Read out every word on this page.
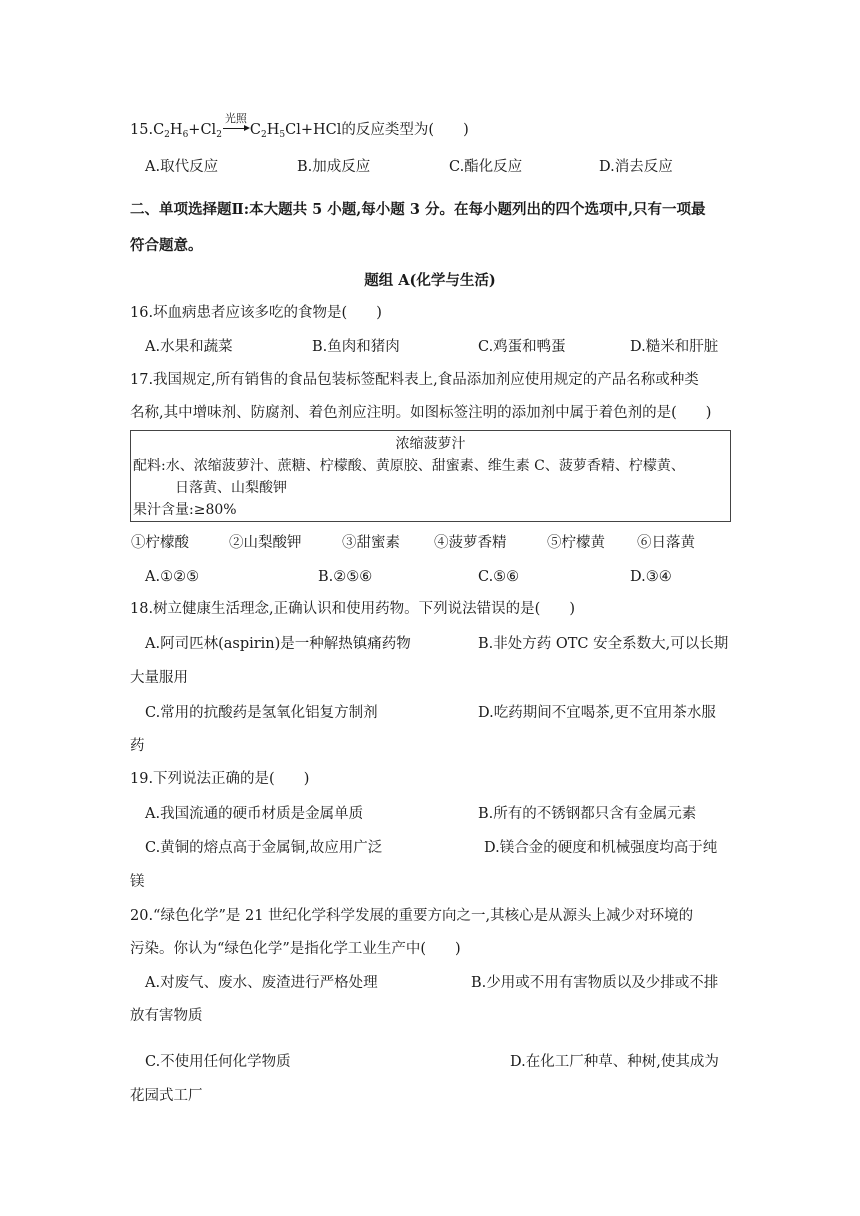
$15.C_2H_6+Cl_2$
光照
$C_2H_5Cl+HCl$的反应类型为(　　)
A.取代反应	B.加成反应	C.酯化反应	D.消去反应
二、单项选择题Ⅱ:本大题共 5 小题,每小题 3 分。在每小题列出的四个选项中,只有一项最
符合题意。
题组 A(化学与生活)
16.坏血病患者应该多吃的食物是(　　)
A.水果和蔬菜	B.鱼肉和猪肉	C.鸡蛋和鸭蛋	D.糙米和肝脏
17.我国规定,所有销售的食品包装标签配料表上,食品添加剂应使用规定的产品名称或种类
名称,其中增味剂、防腐剂、着色剂应注明。如图标签注明的添加剂中属于着色剂的是(　　)
浓缩菠萝汁
配料:水、浓缩菠萝汁、蔗糖、柠檬酸、黄原胶、甜蜜素、维生素 C、菠萝香精、柠檬黄、
日落黄、山梨酸钾
果汁含量:≥80%
①柠檬酸	②山梨酸钾	③甜蜜素 ④菠萝香精	⑤柠檬黄 ⑥日落黄
A.①②⑤	B.②⑤⑥	C.⑤⑥	D.③④
18.树立健康生活理念,正确认识和使用药物。下列说法错误的是(　　)
A.阿司匹林(aspirin)是一种解热镇痛药物	B.非处方药 OTC 安全系数大,可以长期
大量服用
C.常用的抗酸药是氢氧化铝复方制剂	D.吃药期间不宜喝茶,更不宜用茶水服
药
19.下列说法正确的是(　　)
A.我国流通的硬币材质是金属单质	B.所有的不锈钢都只含有金属元素
C.黄铜的熔点高于金属铜,故应用广泛	D.镁合金的硬度和机械强度均高于纯
镁
20.“绿色化学”是 21 世纪化学科学发展的重要方向之一,其核心是从源头上减少对环境的
污染。你认为“绿色化学”是指化学工业生产中(　　)
A.对废气、废水、废渣进行严格处理	B.少用或不用有害物质以及少排或不排
放有害物质
C.不使用任何化学物质	D.在化工厂种草、种树,使其成为
花园式工厂
